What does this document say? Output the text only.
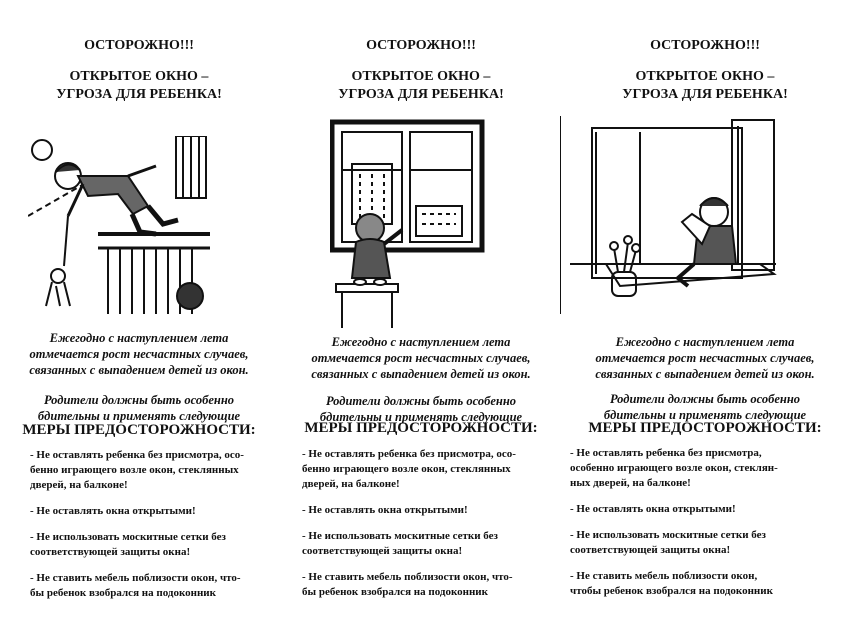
ОСТОРОЖНО!!!
ОТКРЫТОЕ ОКНО –
УГРОЗА ДЛЯ РЕБЕНКА!
Ежегодно с наступлением лета
отмечается рост несчастных случаев,
связанных с выпадением детей из окон.
Родители должны быть особенно
бдительны и применять следующие
МЕРЫ ПРЕДОСТОРОЖНОСТИ:
- Не оставлять ребенка без присмотра, осо-
бенно играющего возле окон, стеклянных
дверей, на балконе!
- Не оставлять окна открытыми!
- Не использовать москитные сетки без
соответствующей защиты окна!
- Не ставить мебель поблизости окон, что-
бы ребенок взобрался на подоконник
ОСТОРОЖНО!!!
ОТКРЫТОЕ ОКНО –
УГРОЗА ДЛЯ РЕБЕНКА!
Ежегодно с наступлением лета
отмечается рост несчастных случаев,
связанных с выпадением детей из окон.
Родители должны быть особенно
бдительны и применять следующие
МЕРЫ ПРЕДОСТОРОЖНОСТИ:
- Не оставлять ребенка без присмотра, осо-
бенно играющего возле окон, стеклянных
дверей, на балконе!
- Не оставлять окна открытыми!
- Не использовать москитные сетки без
соответствующей защиты окна!
- Не ставить мебель поблизости окон, что-
бы ребенок взобрался на подоконник
ОСТОРОЖНО!!!
ОТКРЫТОЕ ОКНО –
УГРОЗА ДЛЯ РЕБЕНКА!
Ежегодно с наступлением лета
отмечается рост несчастных случаев,
связанных с выпадением детей из окон.
Родители должны быть особенно
бдительны и применять следующие
МЕРЫ ПРЕДОСТОРОЖНОСТИ:
- Не оставлять ребенка без присмотра,
особенно играющего возле окон, стеклян-
ных дверей, на балконе!
- Не оставлять окна открытыми!
- Не использовать москитные сетки без
соответствующей защиты окна!
- Не ставить мебель поблизости окон,
чтобы ребенок взобрался на подоконник
